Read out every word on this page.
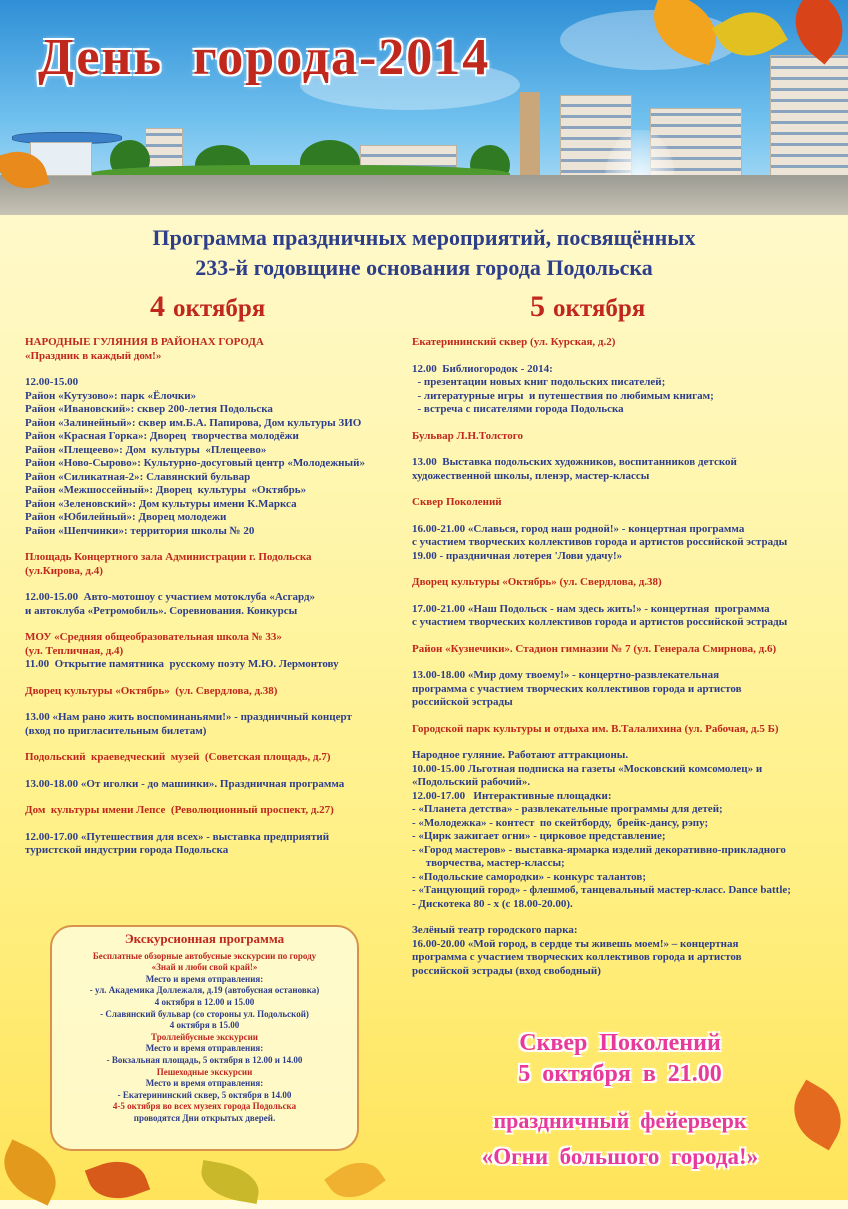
День  города-2014
Программа праздничных мероприятий, посвящённых
233-й годовщине основания города Подольска
4 октября	5 октября
НАРОДНЫЕ ГУЛЯНИЯ В РАЙОНАХ ГОРОДА
«Праздник в каждый дом!»
12.00-15.00
Район «Кутузово»: парк «Ёлочки»
Район «Ивановский»: сквер 200-летия Подольска
Район «Залинейный»: сквер им.Б.А. Папирова, Дом культуры ЗИО
Район «Красная Горка»: Дворец  творчества молодёжи
Район «Плещеево»: Дом  культуры  «Плещеево»
Район «Ново-Сырово»: Культурно-досуговый центр «Молодежный»
Район «Силикатная-2»: Славянский бульвар
Район «Межшоссейный»: Дворец  культуры  «Октябрь»
Район «Зеленовский»: Дом культуры имени К.Маркса
Район «Юбилейный»: Дворец молодежи
Район «Шепчинки»: территория школы № 20
Площадь Концертного зала Администрации г. Подольска
(ул.Кирова, д.4)
12.00-15.00  Авто-мотошоу с участием мотоклуба «Асгард»
и автоклуба «Ретромобиль». Соревнования. Конкурсы
МОУ «Средняя общеобразовательная школа № 33»
(ул. Тепличная, д.4)
11.00  Открытие памятника  русскому поэту М.Ю. Лермонтову
Дворец культуры «Октябрь»  (ул. Свердлова, д.38)
13.00 «Нам рано жить воспоминаньями!» - праздничный концерт
(вход по пригласительным билетам)
Подольский  краеведческий  музей  (Советская площадь, д.7)
13.00-18.00 «От иголки - до машинки». Праздничная программа
Дом  культуры имени Лепсе  (Революционный проспект, д.27)
12.00-17.00 «Путешествия для всех» - выставка предприятий
туристской индустрии города Подольска
Екатерининский сквер (ул. Курская, д.2)
12.00  Библиогородок - 2014:
- презентации новых книг подольских писателей;
- литературные игры  и путешествия по любимым книгам;
- встреча с писателями города Подольска
Бульвар Л.Н.Толстого
13.00  Выставка подольских художников, воспитанников детской
художественной школы, пленэр, мастер-классы
Сквер Поколений
16.00-21.00 «Славься, город наш родной!» - концертная программа
с участием творческих коллективов города и артистов российской эстрады
19.00 - праздничная лотерея 'Лови удачу!»
Дворец культуры «Октябрь» (ул. Свердлова, д.38)
17.00-21.00 «Наш Подольск - нам здесь жить!» - концертная  программа
с участием творческих коллективов города и артистов российской эстрады
Район «Кузнечики». Стадион гимназии № 7 (ул. Генерала Смирнова, д.6)
13.00-18.00 «Мир дому твоему!» - концертно-развлекательная
программа с участием творческих коллективов города и артистов
российской эстрады
Городской парк культуры и отдыха им. В.Талалихина (ул. Рабочая, д.5 Б)
Народное гуляние. Работают аттракционы.
10.00-15.00 Льготная подписка на газеты «Московский комсомолец» и
«Подольский рабочий».
12.00-17.00   Интерактивные площадки:
- «Планета детства» - развлекательные программы для детей;
- «Молодежка» - контест  по скейтборду,  брейк-дансу, рэпу;
- «Цирк зажигает огни» - цирковое представление;
- «Город мастеров» - выставка-ярмарка изделий декоративно-прикладного
творчества, мастер-классы;
- «Подольские самородки» - конкурс талантов;
- «Танцующий город» - флешмоб, танцевальный мастер-класс. Dance battle;
- Дискотека 80 - х (с 18.00-20.00).
Зелёный театр городского парка:
16.00-20.00 «Мой город, в сердце ты живешь моем!» – концертная
программа с участием творческих коллективов города и артистов
российской эстрады (вход свободный)
Экскурсионная программа
Бесплатные обзорные автобусные экскурсии по городу
«Знай и люби свой край!»
Место и время отправления:
- ул. Академика Доллежаля, д.19 (автобусная остановка)
4 октября в 12.00 и 15.00
- Славянский бульвар (со стороны ул. Подольской)
4 октября в 15.00
Троллейбусные экскурсии
Место и время отправления:
- Вокзальная площадь, 5 октября в 12.00 и 14.00
Пешеходные экскурсии
Место и время отправления:
- Екатерининский сквер, 5 октября в 14.00
4-5 октября во всех музеях города Подольска
проводятся Дни открытых дверей.
Сквер  Поколений
5  октября  в  21.00
праздничный  фейерверк
«Огни  большого  города!»
